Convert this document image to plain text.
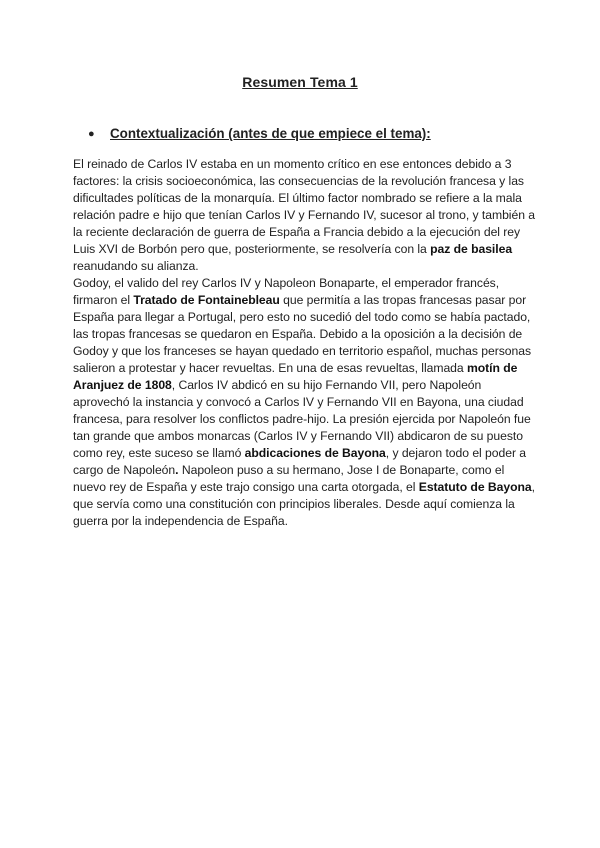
Resumen Tema 1
● Contextualización (antes de que empiece el tema):

El reinado de Carlos IV estaba en un momento crítico en ese entonces debido a 3 factores: la crisis socioeconómica, las consecuencias de la revolución francesa y las dificultades políticas de la monarquía. El último factor nombrado se refiere a la mala relación padre e hijo que tenían Carlos IV y Fernando IV, sucesor al trono, y también a la reciente declaración de guerra de España a Francia debido a la ejecución del rey Luis XVI de Borbón pero que, posteriormente, se resolvería con la paz de basilea reanudando su alianza.

Godoy, el valido del rey Carlos IV y Napoleon Bonaparte, el emperador francés, firmaron el Tratado de Fontainebleau que permitía a las tropas francesas pasar por España para llegar a Portugal, pero esto no sucedió del todo como se había pactado, las tropas francesas se quedaron en España. Debido a la oposición a la decisión de Godoy y que los franceses se hayan quedado en territorio español, muchas personas salieron a protestar y hacer revueltas. En una de esas revueltas, llamada motín de Aranjuez de 1808, Carlos IV abdicó en su hijo Fernando VII, pero Napoleón aprovechó la instancia y convocó a Carlos IV y Fernando VII en Bayona, una ciudad francesa, para resolver los conflictos padre-hijo. La presión ejercida por Napoleón fue tan grande que ambos monarcas (Carlos IV y Fernando VII) abdicaron de su puesto como rey, este suceso se llamó abdicaciones de Bayona, y dejaron todo el poder a cargo de Napoleón. Napoleon puso a su hermano, Jose I de Bonaparte, como el nuevo rey de España y este trajo consigo una carta otorgada, el Estatuto de Bayona, que servía como una constitución con principios liberales. Desde aquí comienza la guerra por la independencia de España.
